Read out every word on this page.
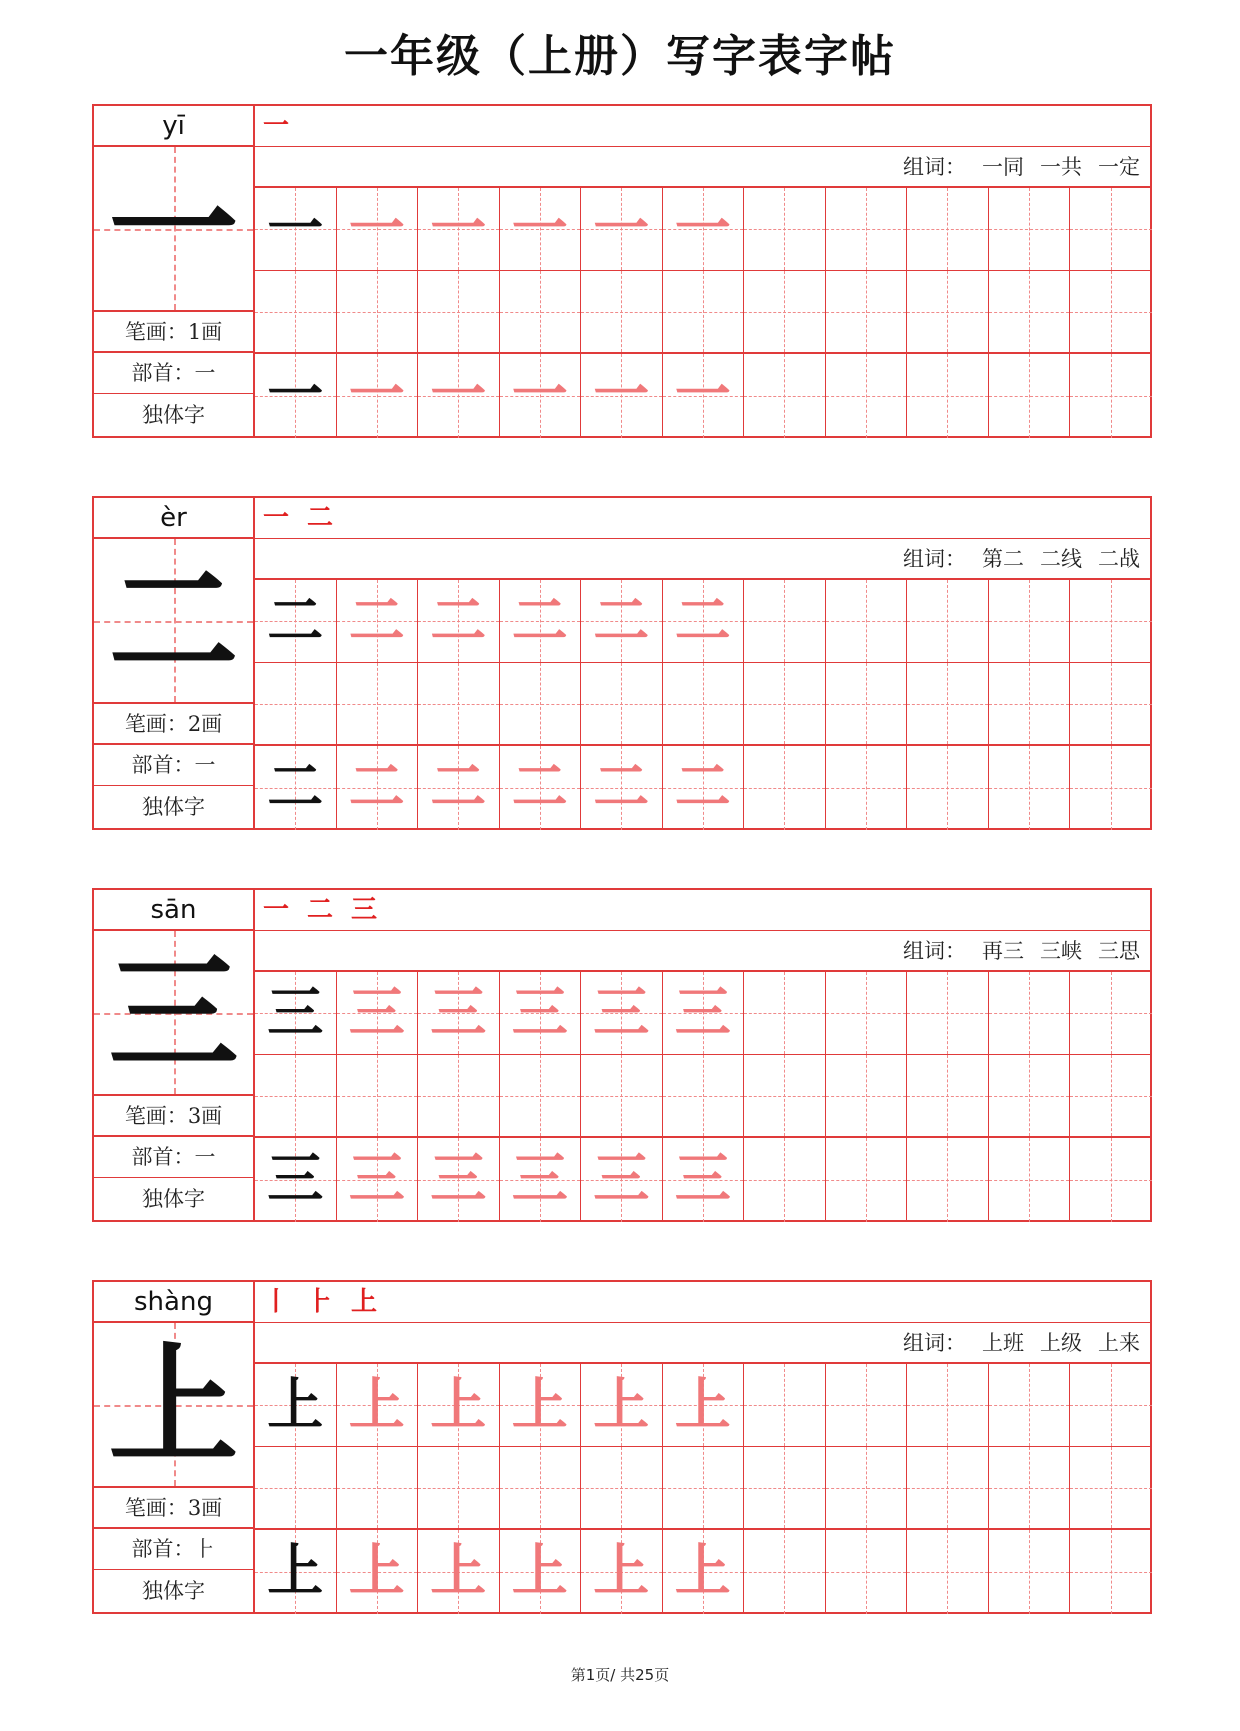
一年级（上册）写字表字帖
yī
一
笔画：1画
部首：一
独体字
一
组词： 一同 一共 一定
一 一 一 一 一 一
一 一 一 一 一 一
èr
二
笔画：2画
部首：一
独体字
一 二
组词： 第二 二线 二战
二 二 二 二 二 二
二 二 二 二 二 二
sān
三
笔画：3画
部首：一
独体字
一 二 三
组词： 再三 三峡 三思
三 三 三 三 三 三
三 三 三 三 三 三
shàng
上
笔画：3画
部首：⺊
独体字
丨 ⺊ 上
组词： 上班 上级 上来
上 上 上 上 上 上
上 上 上 上 上 上
第1页/ 共25页
